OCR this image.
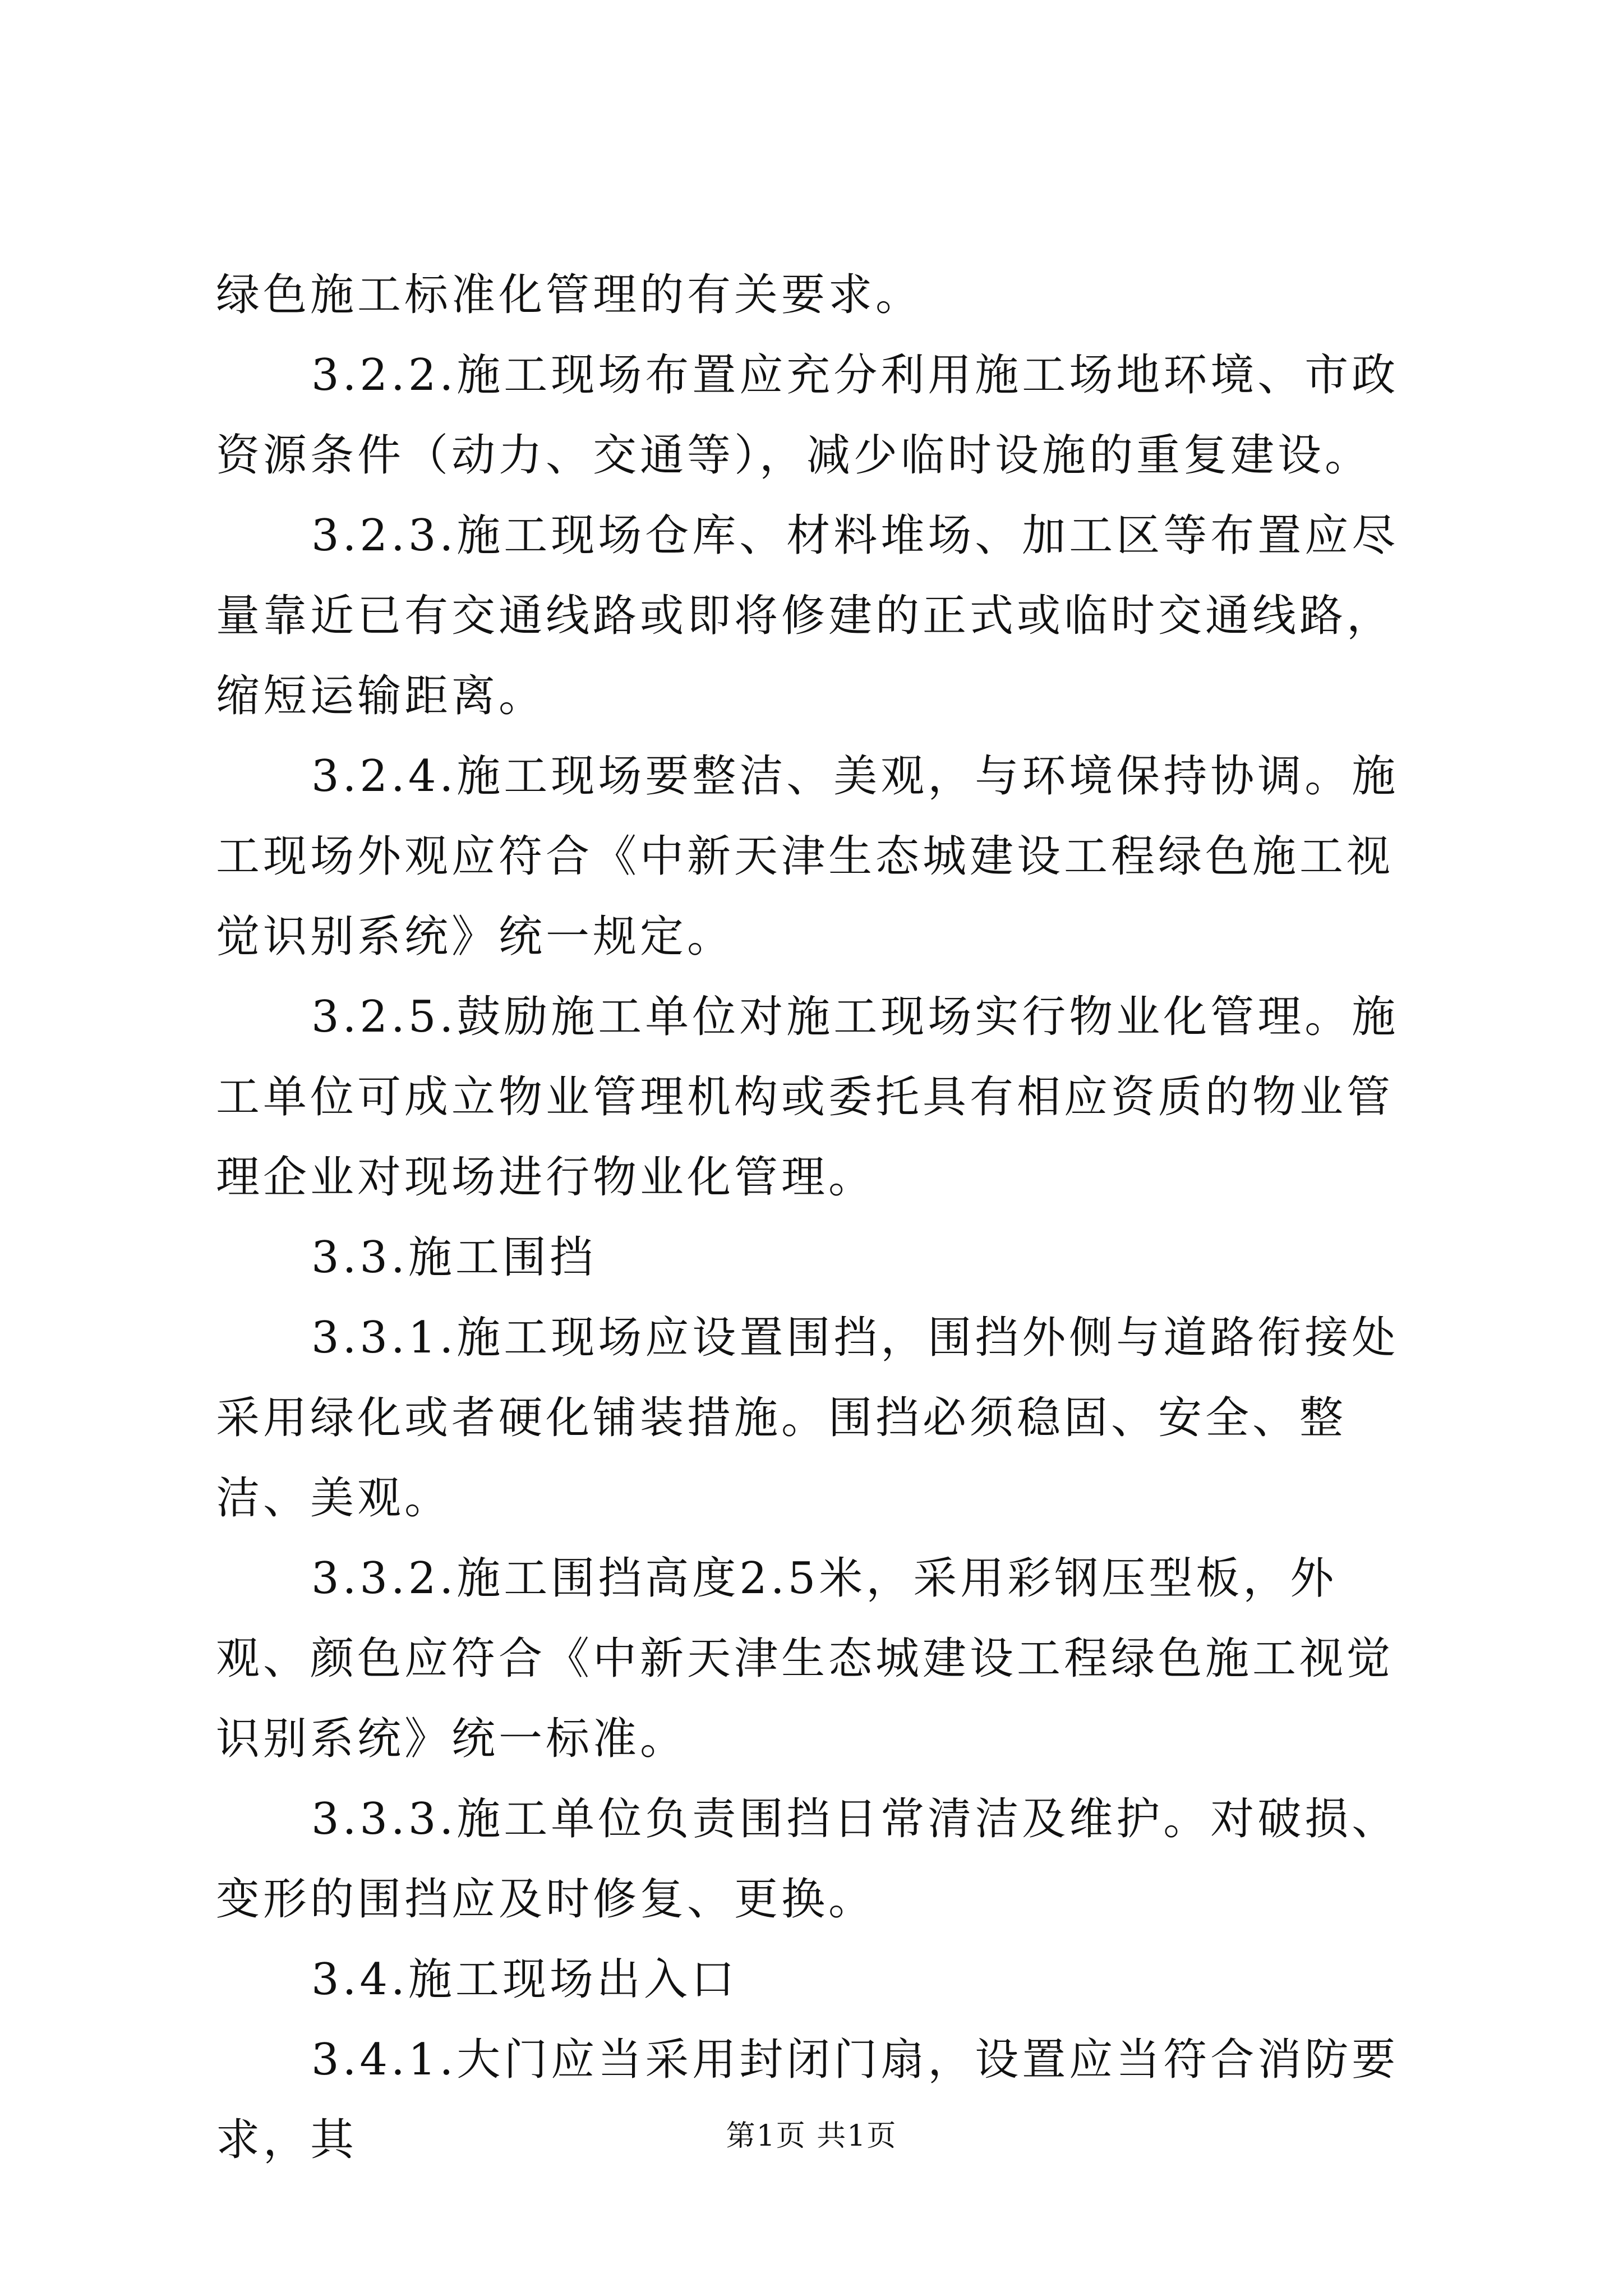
绿色施工标准化管理的有关要求。

3.2.2.施工现场布置应充分利用施工场地环境、市政资源条件（动力、交通等），减少临时设施的重复建设。

3.2.3.施工现场仓库、材料堆场、加工区等布置应尽量靠近已有交通线路或即将修建的正式或临时交通线路，缩短运输距离。

3.2.4.施工现场要整洁、美观，与环境保持协调。施工现场外观应符合《中新天津生态城建设工程绿色施工视觉识别系统》统一规定。

3.2.5.鼓励施工单位对施工现场实行物业化管理。施工单位可成立物业管理机构或委托具有相应资质的物业管理企业对现场进行物业化管理。

3.3.施工围挡

3.3.1.施工现场应设置围挡，围挡外侧与道路衔接处采用绿化或者硬化铺装措施。围挡必须稳固、安全、整洁、美观。

3.3.2.施工围挡高度2.5米，采用彩钢压型板，外观、颜色应符合《中新天津生态城建设工程绿色施工视觉识别系统》统一标准。

3.3.3.施工单位负责围挡日常清洁及维护。对破损、变形的围挡应及时修复、更换。

3.4.施工现场出入口

3.4.1.大门应当采用封闭门扇，设置应当符合消防要求，其	第1页 共1页
